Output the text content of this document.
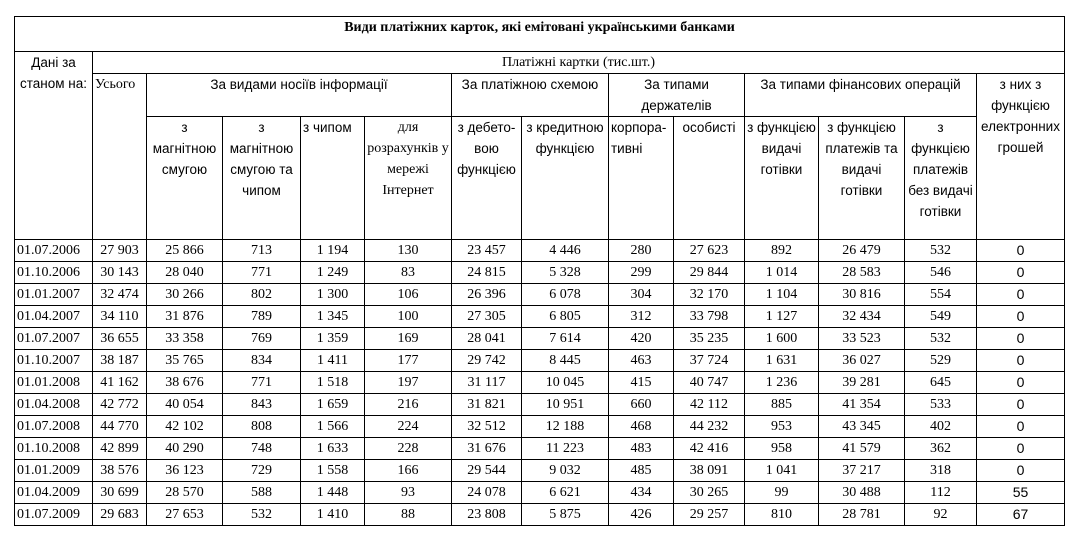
Види платіжних карток, які емітовані українськими банками													
Дані за станом на:	Платіжні картки (тис.шт.)												
	Усього	За видами носіїв інформації				За платіжною схемою		За типами держателів		За типами фінансових операцій			з них з функцією електронних грошей
		з магнітною смугою	з магнітною смугою та чипом	з чипом	для розрахунків у мережі Інтернет	з дебето-вою функцією	з кредитною функцією	корпора-тивні	особисті	з функцією видачі готівки	з функцією платежів та видачі готівки	з функцією платежів без видачі готівки	
01.07.2006	27 903	25 866	713	1 194	130	23 457	4 446	280	27 623	892	26 479	532	0
01.10.2006	30 143	28 040	771	1 249	83	24 815	5 328	299	29 844	1 014	28 583	546	0
01.01.2007	32 474	30 266	802	1 300	106	26 396	6 078	304	32 170	1 104	30 816	554	0
01.04.2007	34 110	31 876	789	1 345	100	27 305	6 805	312	33 798	1 127	32 434	549	0
01.07.2007	36 655	33 358	769	1 359	169	28 041	7 614	420	35 235	1 600	33 523	532	0
01.10.2007	38 187	35 765	834	1 411	177	29 742	8 445	463	37 724	1 631	36 027	529	0
01.01.2008	41 162	38 676	771	1 518	197	31 117	10 045	415	40 747	1 236	39 281	645	0
01.04.2008	42 772	40 054	843	1 659	216	31 821	10 951	660	42 112	885	41 354	533	0
01.07.2008	44 770	42 102	808	1 566	224	32 512	12 188	468	44 232	953	43 345	402	0
01.10.2008	42 899	40 290	748	1 633	228	31 676	11 223	483	42 416	958	41 579	362	0
01.01.2009	38 576	36 123	729	1 558	166	29 544	9 032	485	38 091	1 041	37 217	318	0
01.04.2009	30 699	28 570	588	1 448	93	24 078	6 621	434	30 265	99	30 488	112	55
01.07.2009	29 683	27 653	532	1 410	88	23 808	5 875	426	29 257	810	28 781	92	67
